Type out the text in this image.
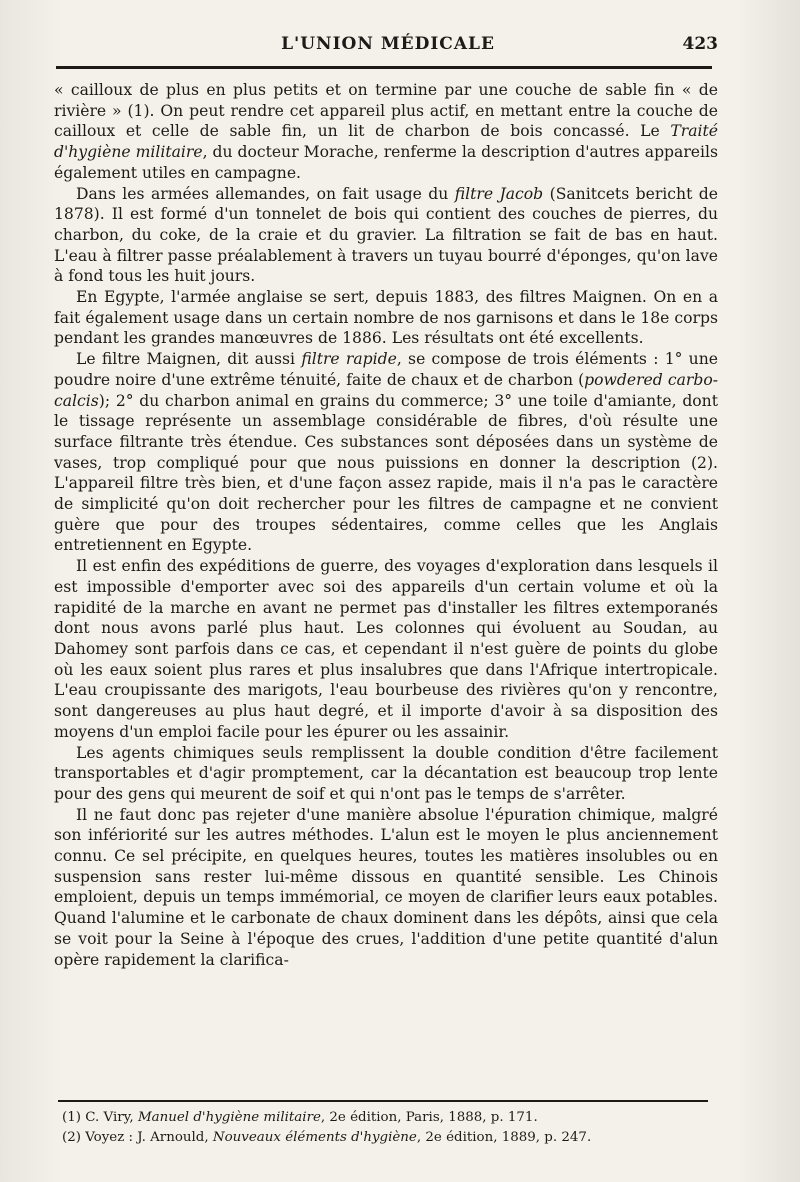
L'UNION MÉDICALE	423

« cailloux de plus en plus petits et on termine par une couche de sable fin « de rivière » (1). On peut rendre cet appareil plus actif, en mettant entre la couche de cailloux et celle de sable fin, un lit de charbon de bois concassé. Le Traité d'hygiène militaire, du docteur Morache, renferme la description d'autres appareils également utiles en campagne.

Dans les armées allemandes, on fait usage du filtre Jacob (Sanitcets bericht de 1878). Il est formé d'un tonnelet de bois qui contient des couches de pierres, du charbon, du coke, de la craie et du gravier. La filtration se fait de bas en haut. L'eau à filtrer passe préalablement à travers un tuyau bourré d'éponges, qu'on lave à fond tous les huit jours.

En Egypte, l'armée anglaise se sert, depuis 1883, des filtres Maignen. On en a fait également usage dans un certain nombre de nos garnisons et dans le 18e corps pendant les grandes manœuvres de 1886. Les résultats ont été excellents.

Le filtre Maignen, dit aussi filtre rapide, se compose de trois éléments : 1° une poudre noire d'une extrême ténuité, faite de chaux et de charbon (powdered carbo-calcis); 2° du charbon animal en grains du commerce; 3° une toile d'amiante, dont le tissage représente un assemblage considérable de fibres, d'où résulte une surface filtrante très étendue. Ces substances sont déposées dans un système de vases, trop compliqué pour que nous puissions en donner la description (2). L'appareil filtre très bien, et d'une façon assez rapide, mais il n'a pas le caractère de simplicité qu'on doit rechercher pour les filtres de campagne et ne convient guère que pour des troupes sédentaires, comme celles que les Anglais entretiennent en Egypte.

Il est enfin des expéditions de guerre, des voyages d'exploration dans lesquels il est impossible d'emporter avec soi des appareils d'un certain volume et où la rapidité de la marche en avant ne permet pas d'installer les filtres extemporanés dont nous avons parlé plus haut. Les colonnes qui évoluent au Soudan, au Dahomey sont parfois dans ce cas, et cependant il n'est guère de points du globe où les eaux soient plus rares et plus insalubres que dans l'Afrique intertropicale. L'eau croupissante des marigots, l'eau bourbeuse des rivières qu'on y rencontre, sont dangereuses au plus haut degré, et il importe d'avoir à sa disposition des moyens d'un emploi facile pour les épurer ou les assainir.

Les agents chimiques seuls remplissent la double condition d'être facilement transportables et d'agir promptement, car la décantation est beaucoup trop lente pour des gens qui meurent de soif et qui n'ont pas le temps de s'arrêter.

Il ne faut donc pas rejeter d'une manière absolue l'épuration chimique, malgré son infériorité sur les autres méthodes. L'alun est le moyen le plus anciennement connu. Ce sel précipite, en quelques heures, toutes les matières insolubles ou en suspension sans rester lui-même dissous en quantité sensible. Les Chinois emploient, depuis un temps immémorial, ce moyen de clarifier leurs eaux potables. Quand l'alumine et le carbonate de chaux dominent dans les dépôts, ainsi que cela se voit pour la Seine à l'époque des crues, l'addition d'une petite quantité d'alun opère rapidement la clarifica-

(1) C. Viry, Manuel d'hygiène militaire, 2e édition, Paris, 1888, p. 171.
(2) Voyez : J. Arnould, Nouveaux éléments d'hygiène, 2e édition, 1889, p. 247.
